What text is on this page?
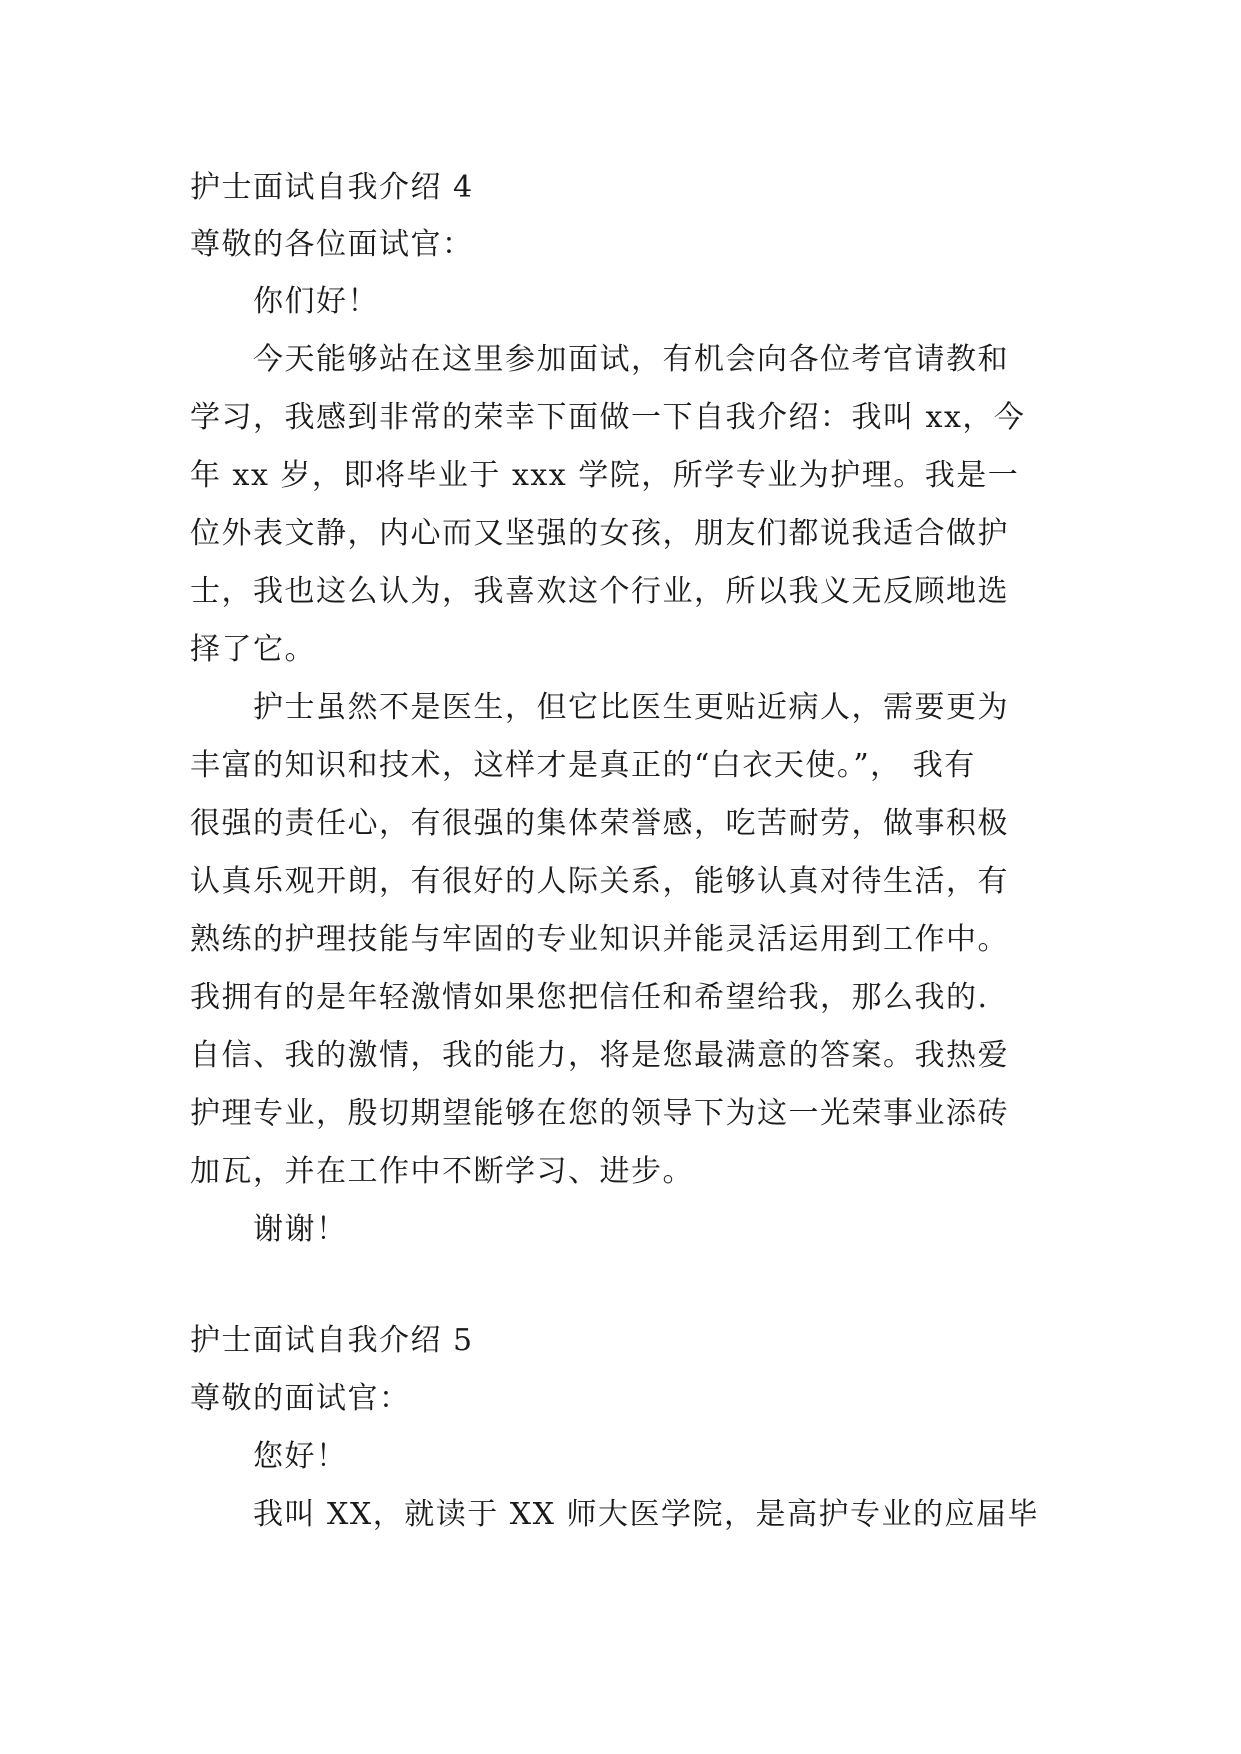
护士面试自我介绍 4
尊敬的各位面试官：
你们好！
今天能够站在这里参加面试，有机会向各位考官请教和
学习，我感到非常的荣幸下面做一下自我介绍：我叫 xx，今
年 xx 岁，即将毕业于 xxx 学院，所学专业为护理。我是一
位外表文静，内心而又坚强的女孩，朋友们都说我适合做护
士，我也这么认为，我喜欢这个行业，所以我义无反顾地选
择了它。
护士虽然不是医生，但它比医生更贴近病人，需要更为
丰富的知识和技术，这样才是真正的“白衣天使。”， 我有
很强的责任心，有很强的集体荣誉感，吃苦耐劳，做事积极
认真乐观开朗，有很好的人际关系，能够认真对待生活，有
熟练的护理技能与牢固的专业知识并能灵活运用到工作中。
我拥有的是年轻激情如果您把信任和希望给我，那么我的.
自信、我的激情，我的能力，将是您最满意的答案。我热爱
护理专业，殷切期望能够在您的领导下为这一光荣事业添砖
加瓦，并在工作中不断学习、进步。
谢谢！
护士面试自我介绍 5
尊敬的面试官：
您好！
我叫 XX，就读于 XX 师大医学院，是高护专业的应届毕
